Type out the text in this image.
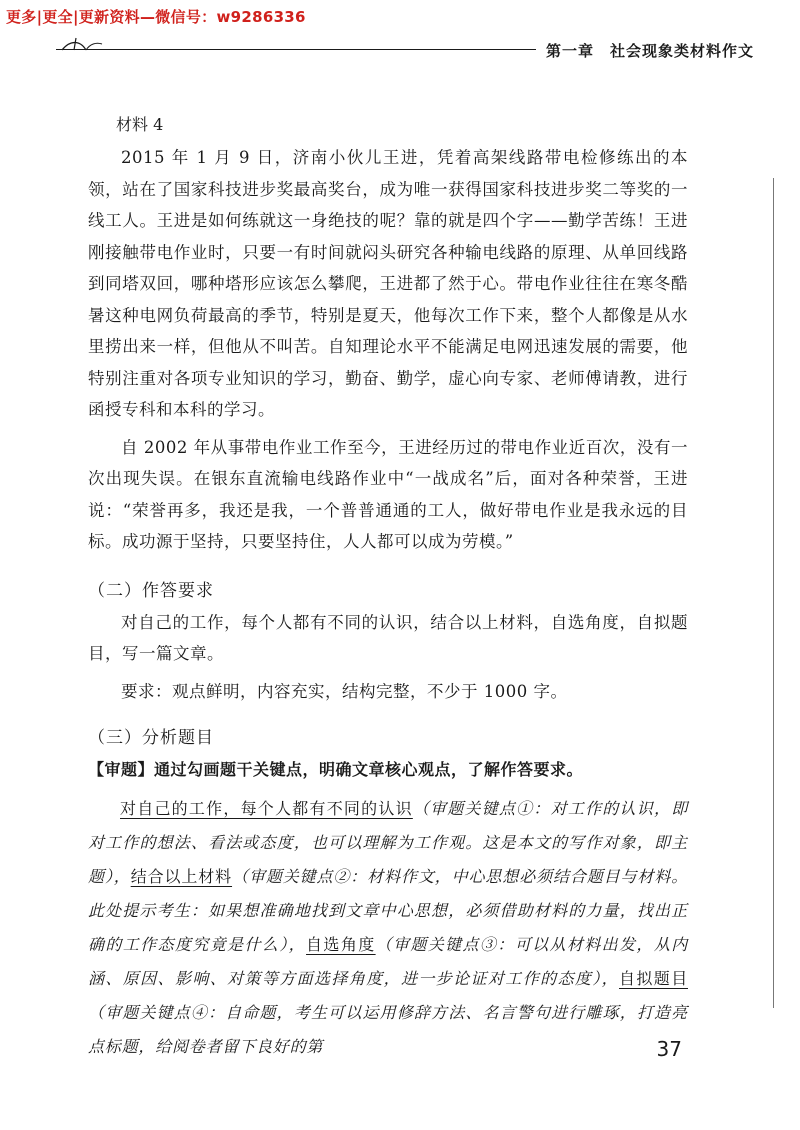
更多|更全|更新资料—微信号：w9286336
第一章 社会现象类材料作文

材料 4

2015 年 1 月 9 日，济南小伙儿王进，凭着高架线路带电检修练出的本领，站在了国家科技进步奖最高奖台，成为唯一获得国家科技进步奖二等奖的一线工人。王进是如何练就这一身绝技的呢？靠的就是四个字——勤学苦练！王进刚接触带电作业时，只要一有时间就闷头研究各种输电线路的原理、从单回线路到同塔双回，哪种塔形应该怎么攀爬，王进都了然于心。带电作业往往在寒冬酷暑这种电网负荷最高的季节，特别是夏天，他每次工作下来，整个人都像是从水里捞出来一样，但他从不叫苦。自知理论水平不能满足电网迅速发展的需要，他特别注重对各项专业知识的学习，勤奋、勤学，虚心向专家、老师傅请教，进行函授专科和本科的学习。

自 2002 年从事带电作业工作至今，王进经历过的带电作业近百次，没有一次出现失误。在银东直流输电线路作业中“一战成名”后，面对各种荣誉，王进说：“荣誉再多，我还是我，一个普普通通的工人，做好带电作业是我永远的目标。成功源于坚持，只要坚持住，人人都可以成为劳模。”

（二）作答要求

对自己的工作，每个人都有不同的认识，结合以上材料，自选角度，自拟题目，写一篇文章。

要求：观点鲜明，内容充实，结构完整，不少于 1000 字。

（三）分析题目

【审题】通过勾画题干关键点，明确文章核心观点，了解作答要求。

对自己的工作，每个人都有不同的认识（审题关键点①：对工作的认识，即对工作的想法、看法或态度，也可以理解为工作观。这是本文的写作对象，即主题），结合以上材料（审题关键点②：材料作文，中心思想必须结合题目与材料。此处提示考生：如果想准确地找到文章中心思想，必须借助材料的力量，找出正确的工作态度究竟是什么），自选角度（审题关键点③：可以从材料出发，从内涵、原因、影响、对策等方面选择角度，进一步论证对工作的态度），自拟题目（审题关键点④：自命题，考生可以运用修辞方法、名言警句进行雕琢，打造亮点标题，给阅卷者留下良好的第	37
